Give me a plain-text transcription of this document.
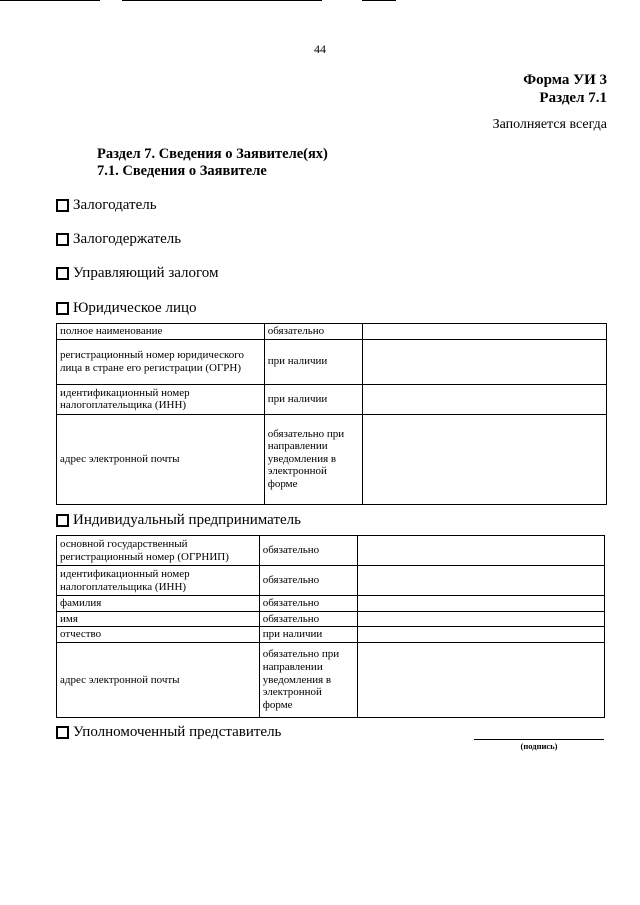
44
Форма УИ 3
Раздел 7.1
Заполняется всегда
Раздел 7. Сведения о Заявителе(ях)
7.1. Сведения о Заявителе
Залогодатель
Залогодержатель
Управляющий залогом
Юридическое лицо
полное наименование	обязательно	
регистрационный номер юридического лица в стране его регистрации (ОГРН)	при наличии	
идентификационный номер налогоплательщика (ИНН)	при наличии	
адрес электронной почты	обязательно при направлении уведомления в электронной форме	
Индивидуальный предприниматель
основной государственный регистрационный номер (ОГРНИП)	обязательно	
идентификационный номер налогоплательщика (ИНН)	обязательно	
фамилия	обязательно	
имя	обязательно	
отчество	при наличии	
адрес электронной почты	обязательно при направлении уведомления в электронной форме	
Уполномоченный представитель
(подпись)
